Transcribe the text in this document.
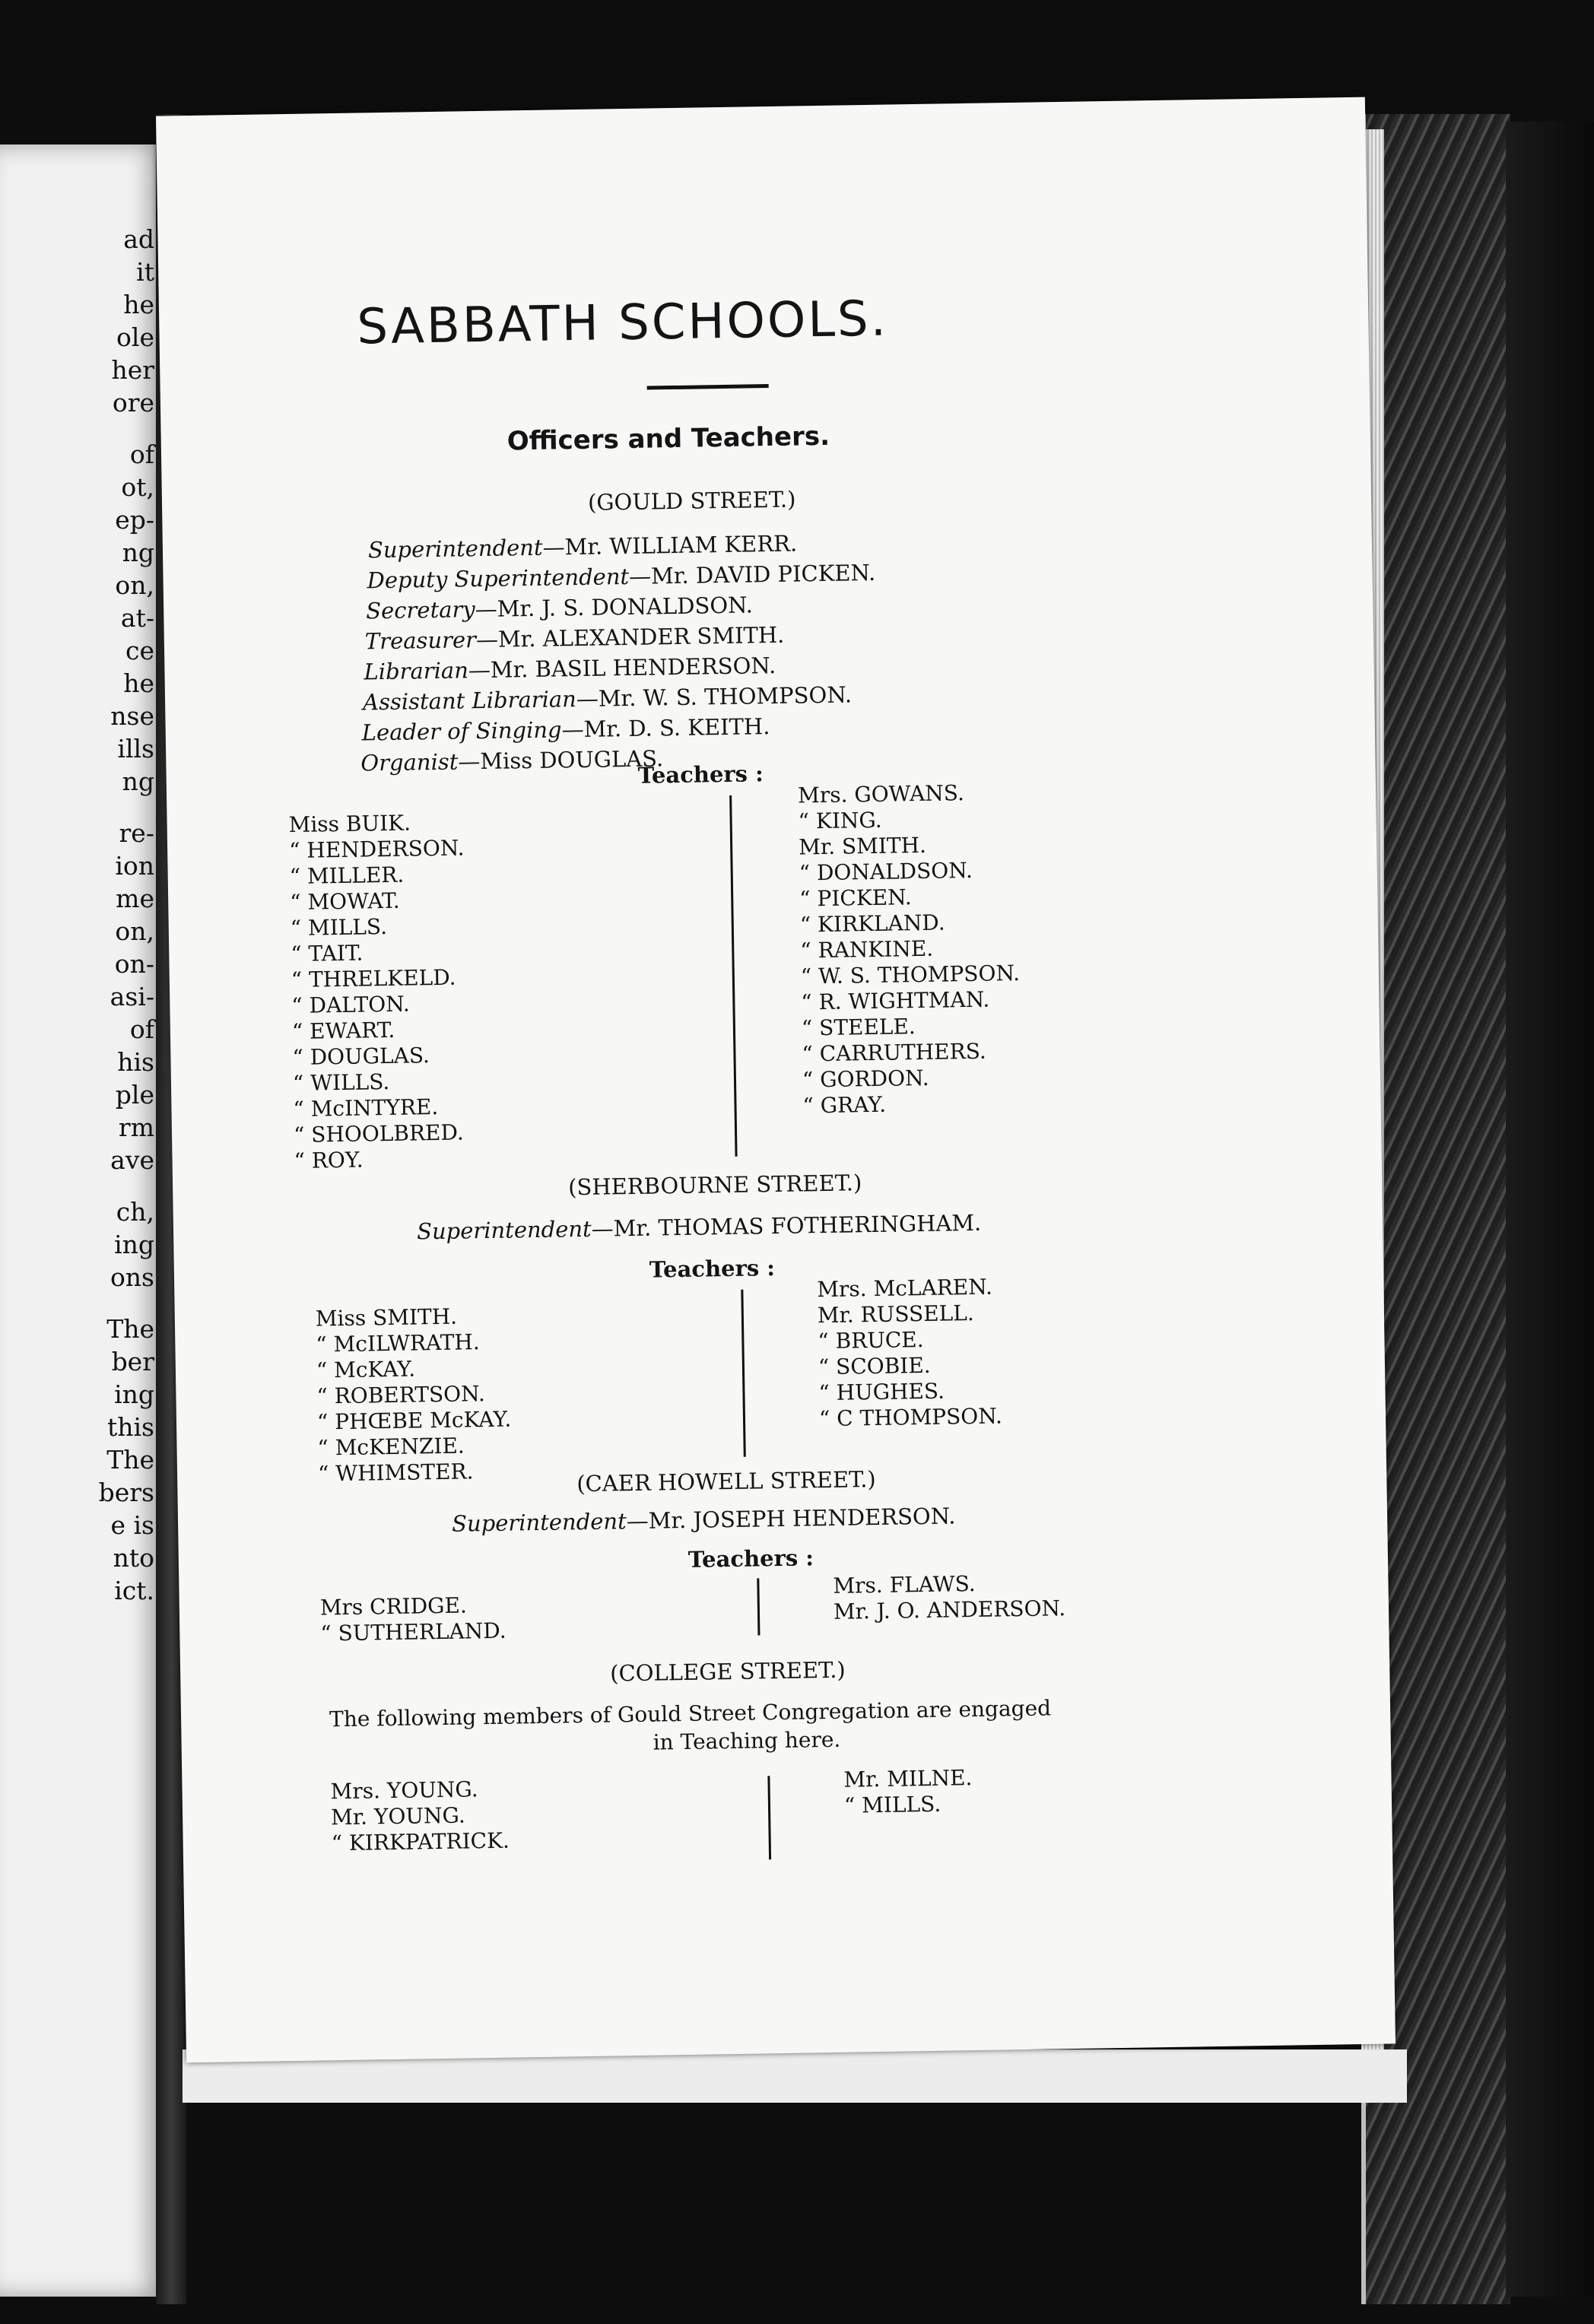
ad
it
he
ole
her
ore
of
ot,
ep-
ng
on,
at-
ce
he
nse
ills
ng
re-
ion
me
on,
on-
asi-
of
his
ple
rm
ave
ch,
ing
ons
The
ber
ing
this
The
bers
e is
nto
ict.
SABBATH SCHOOLS.
Officers and Teachers.
(GOULD STREET.)
Superintendent—Mr. WILLIAM KERR.
Deputy Superintendent—Mr. DAVID PICKEN.
Secretary—Mr. J. S. DONALDSON.
Treasurer—Mr. ALEXANDER SMITH.
Librarian—Mr. BASIL HENDERSON.
Assistant Librarian—Mr. W. S. THOMPSON.
Leader of Singing—Mr. D. S. KEITH.
Organist—Miss DOUGLAS.
Teachers :
Miss BUIK.
“ HENDERSON.
“ MILLER.
“ MOWAT.
“ MILLS.
“ TAIT.
“ THRELKELD.
“ DALTON.
“ EWART.
“ DOUGLAS.
“ WILLS.
“ McINTYRE.
“ SHOOLBRED.
“ ROY.
Mrs. GOWANS.
“ KING.
Mr. SMITH.
“ DONALDSON.
“ PICKEN.
“ KIRKLAND.
“ RANKINE.
“ W. S. THOMPSON.
“ R. WIGHTMAN.
“ STEELE.
“ CARRUTHERS.
“ GORDON.
“ GRAY.
(SHERBOURNE STREET.)
Superintendent—Mr. THOMAS FOTHERINGHAM.
Teachers :
Miss SMITH.
“ McILWRATH.
“ McKAY.
“ ROBERTSON.
“ PHŒBE McKAY.
“ McKENZIE.
“ WHIMSTER.
Mrs. McLAREN.
Mr. RUSSELL.
“ BRUCE.
“ SCOBIE.
“ HUGHES.
“ C THOMPSON.
(CAER HOWELL STREET.)
Superintendent—Mr. JOSEPH HENDERSON.
Teachers :
Mrs CRIDGE.
“ SUTHERLAND.
Mrs. FLAWS.
Mr. J. O. ANDERSON.
(COLLEGE STREET.)
The following members of Gould Street Congregation are engaged
in Teaching here.
Mrs. YOUNG.
Mr. YOUNG.
“ KIRKPATRICK.
Mr. MILNE.
“ MILLS.
